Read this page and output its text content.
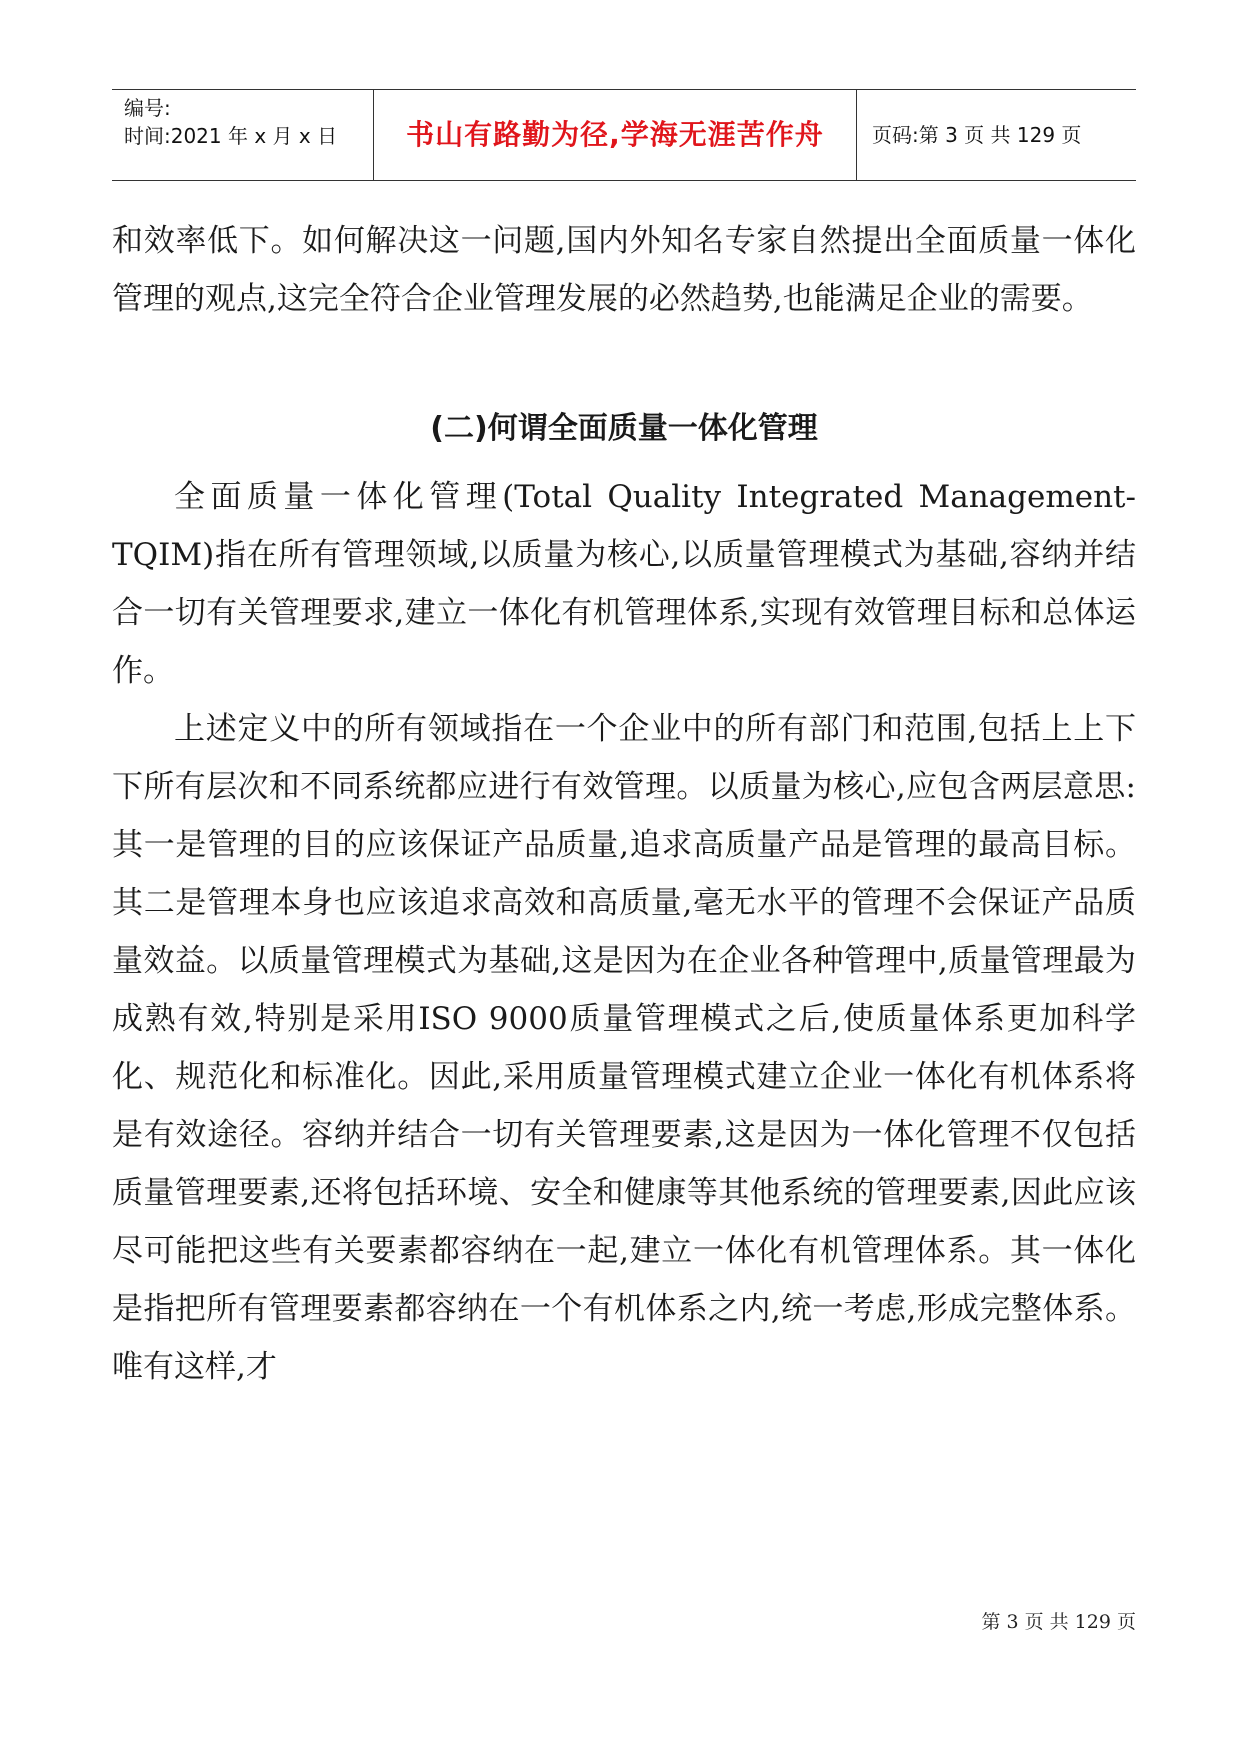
编号:
时间:2021 年 x 月 x 日	书山有路勤为径,学海无涯苦作舟	页码:第 3 页 共 129 页

和效率低下。如何解决这一问题,国内外知名专家自然提出全面质量一体化管理的观点,这完全符合企业管理发展的必然趋势,也能满足企业的需要。

(二)何谓全面质量一体化管理

全面质量一体化管理(Total Quality Integrated Management-TQIM)指在所有管理领域,以质量为核心,以质量管理模式为基础,容纳并结合一切有关管理要求,建立一体化有机管理体系,实现有效管理目标和总体运作。

上述定义中的所有领域指在一个企业中的所有部门和范围,包括上上下下所有层次和不同系统都应进行有效管理。以质量为核心,应包含两层意思:其一是管理的目的应该保证产品质量,追求高质量产品是管理的最高目标。其二是管理本身也应该追求高效和高质量,毫无水平的管理不会保证产品质量效益。以质量管理模式为基础,这是因为在企业各种管理中,质量管理最为成熟有效,特别是采用ISO 9000质量管理模式之后,使质量体系更加科学化、规范化和标准化。因此,采用质量管理模式建立企业一体化有机体系将是有效途径。容纳并结合一切有关管理要素,这是因为一体化管理不仅包括质量管理要素,还将包括环境、安全和健康等其他系统的管理要素,因此应该尽可能把这些有关要素都容纳在一起,建立一体化有机管理体系。其一体化是指把所有管理要素都容纳在一个有机体系之内,统一考虑,形成完整体系。唯有这样,才

第 3 页 共 129 页
